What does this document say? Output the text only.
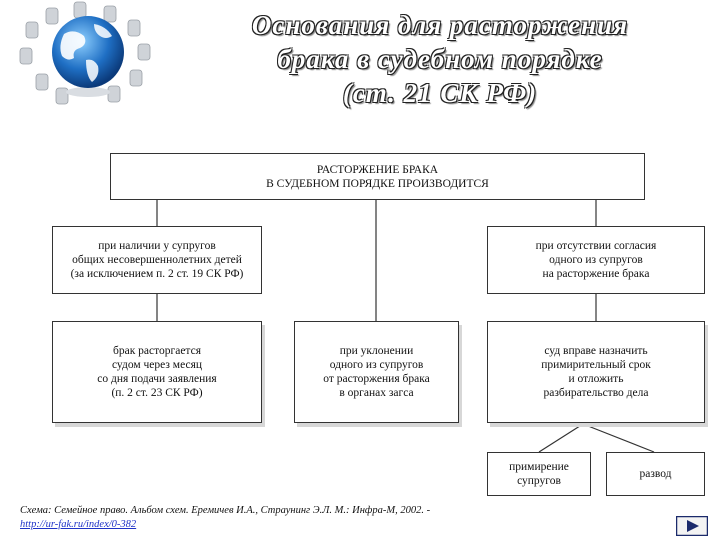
Основания для расторжения
брака в судебном порядке
(ст. 21 СК РФ)
РАСТОРЖЕНИЕ БРАКА
В СУДЕБНОМ ПОРЯДКЕ ПРОИЗВОДИТСЯ
при наличии у супругов
общих несовершеннолетних детей
(за исключением п. 2 ст. 19 СК РФ)
при отсутствии согласия
одного из супругов
на расторжение брака
брак расторгается
судом через месяц
со дня подачи заявления
(п. 2 ст. 23 СК РФ)
при уклонении
одного из супругов
от расторжения брака
в органах загса
суд вправе назначить
примирительный срок
и отложить
разбирательство дела
примирение
супругов
развод
Схема: Семейное право. Альбом схем. Еремичев И.А., Страунинг Э.Л. М.: Инфра-М, 2002. -
http://ur-fak.ru/index/0-382
